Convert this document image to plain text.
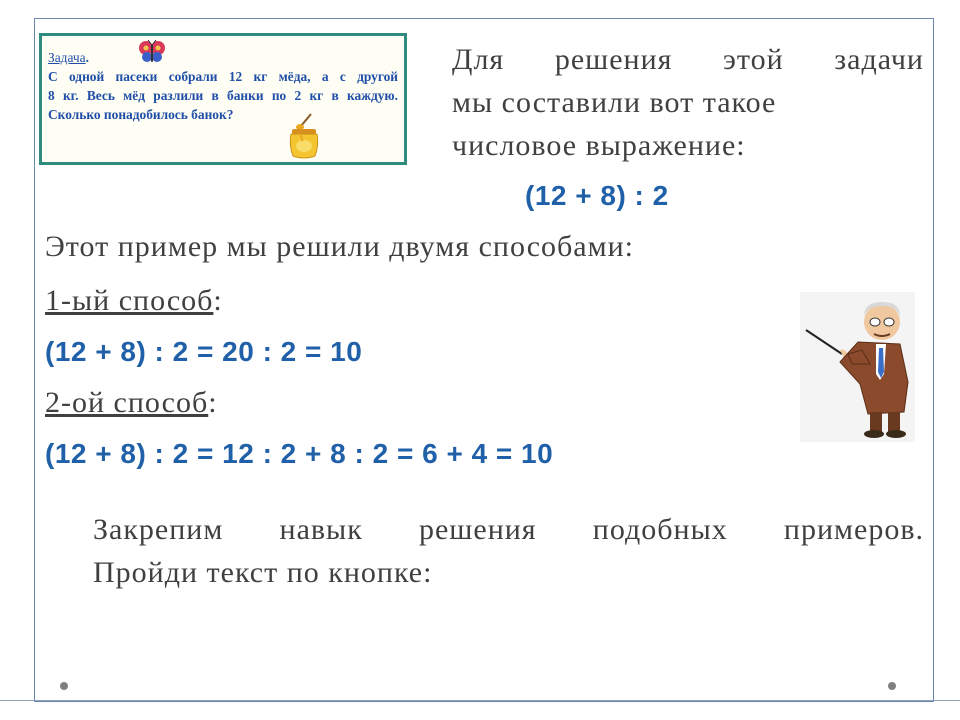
Задача.
С одной пасеки собрали 12 кг мёда, а с другой
8 кг. Весь мёд разлили в банки по 2 кг в каждую.
Сколько понадобилось банок?
Для решения этой задачи
мы составили вот такое
числовое выражение:
(12 + 8) : 2
Этот пример мы решили двумя способами:
1-ый способ:
(12 + 8) : 2 = 20 : 2 = 10
2-ой способ:
(12 + 8) : 2 = 12 : 2 + 8 : 2 = 6 + 4 = 10
Закрепим навык решения подобных примеров.
Пройди текст по кнопке:
